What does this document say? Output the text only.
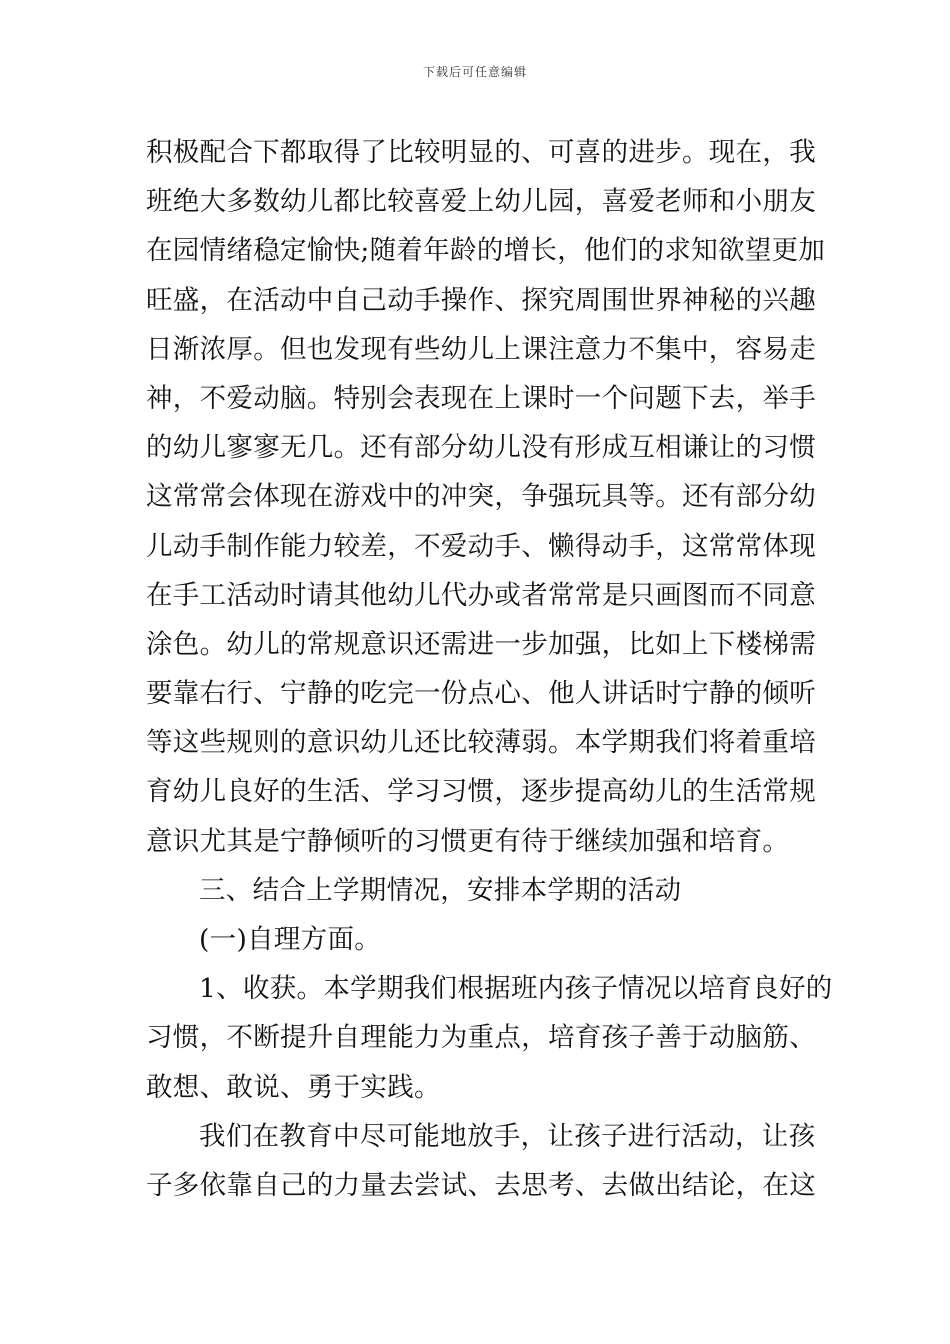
下载后可任意编辑
积极配合下都取得了比较明显的、可喜的进步。现在，我
班绝大多数幼儿都比较喜爱上幼儿园，喜爱老师和小朋友
在园情绪稳定愉快;随着年龄的增长，他们的求知欲望更加
旺盛，在活动中自己动手操作、探究周围世界神秘的兴趣
日渐浓厚。但也发现有些幼儿上课注意力不集中，容易走
神，不爱动脑。特别会表现在上课时一个问题下去，举手
的幼儿寥寥无几。还有部分幼儿没有形成互相谦让的习惯
这常常会体现在游戏中的冲突，争强玩具等。还有部分幼
儿动手制作能力较差，不爱动手、懒得动手，这常常体现
在手工活动时请其他幼儿代办或者常常是只画图而不同意
涂色。幼儿的常规意识还需进一步加强，比如上下楼梯需
要靠右行、宁静的吃完一份点心、他人讲话时宁静的倾听
等这些规则的意识幼儿还比较薄弱。本学期我们将着重培
育幼儿良好的生活、学习习惯，逐步提高幼儿的生活常规
意识尤其是宁静倾听的习惯更有待于继续加强和培育。
三、结合上学期情况，安排本学期的活动
(一)自理方面。
1、收获。本学期我们根据班内孩子情况以培育良好的
习惯，不断提升自理能力为重点，培育孩子善于动脑筋、
敢想、敢说、勇于实践。
我们在教育中尽可能地放手，让孩子进行活动，让孩
子多依靠自己的力量去尝试、去思考、去做出结论，在这
